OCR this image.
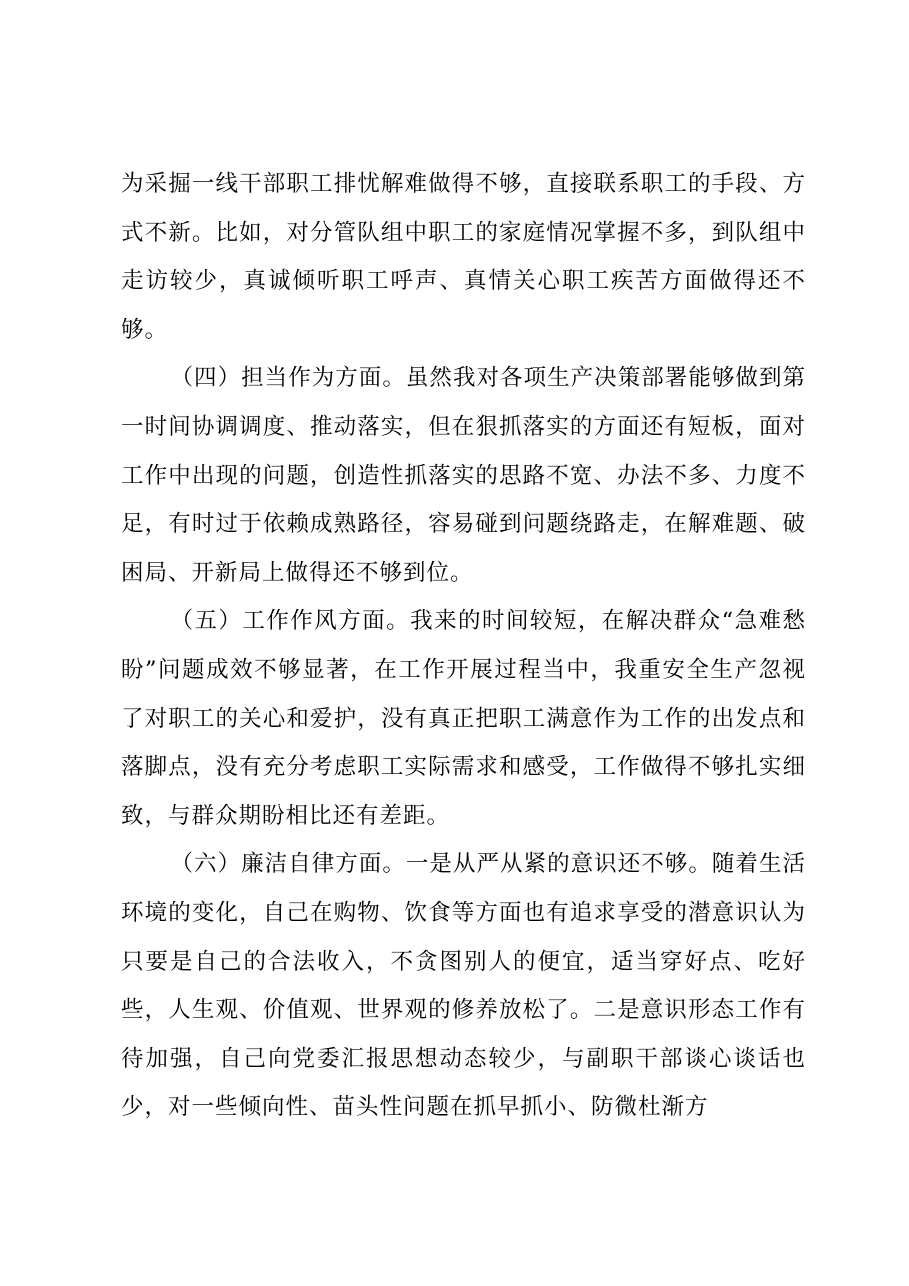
为采掘一线干部职工排忧解难做得不够，直接联系职工的手段、方式不新。比如，对分管队组中职工的家庭情况掌握不多，到队组中走访较少，真诚倾听职工呼声、真情关心职工疾苦方面做得还不够。

（四）担当作为方面。虽然我对各项生产决策部署能够做到第一时间协调调度、推动落实，但在狠抓落实的方面还有短板，面对工作中出现的问题，创造性抓落实的思路不宽、办法不多、力度不足，有时过于依赖成熟路径，容易碰到问题绕路走，在解难题、破困局、开新局上做得还不够到位。

（五）工作作风方面。我来的时间较短，在解决群众“急难愁盼”问题成效不够显著，在工作开展过程当中，我重安全生产忽视了对职工的关心和爱护，没有真正把职工满意作为工作的出发点和落脚点，没有充分考虑职工实际需求和感受，工作做得不够扎实细致，与群众期盼相比还有差距。

（六）廉洁自律方面。一是从严从紧的意识还不够。随着生活环境的变化，自己在购物、饮食等方面也有追求享受的潜意识认为只要是自己的合法收入，不贪图别人的便宜，适当穿好点、吃好些，人生观、价值观、世界观的修养放松了。二是意识形态工作有待加强，自己向党委汇报思想动态较少，与副职干部谈心谈话也少，对一些倾向性、苗头性问题在抓早抓小、防微杜渐方
